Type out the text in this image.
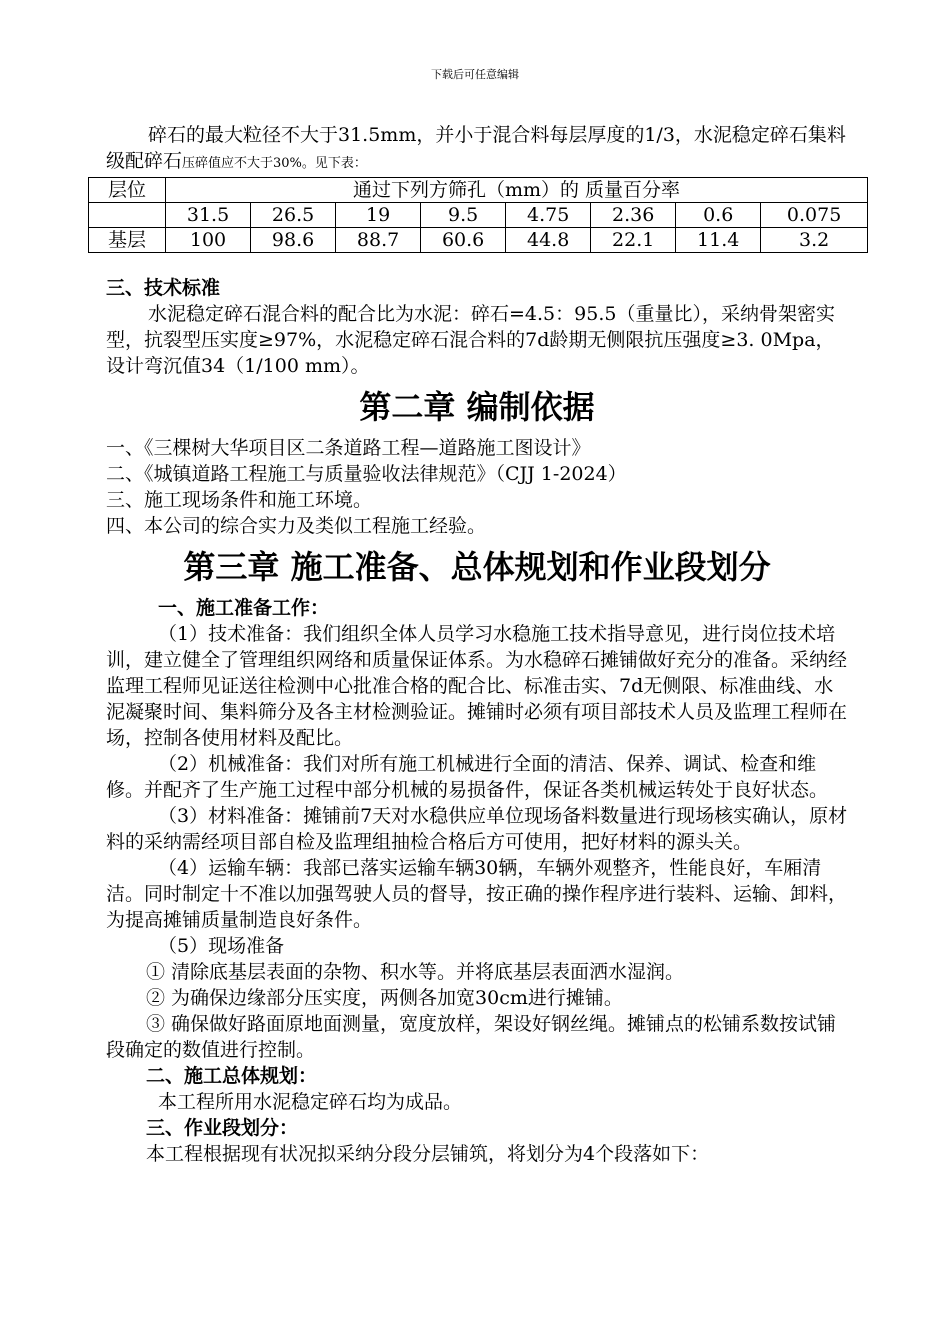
下载后可任意编辑

碎石的最大粒径不大于31.5mm，并小于混合料每层厚度的1/3，水泥稳定碎石集料级配碎石压碎值应不大于30%。见下表：

层位	通过下列方筛孔（mm）的 质量百分率							
	31.5	26.5	19	9.5	4.75	2.36	0.6	0.075
基层	100	98.6	88.7	60.6	44.8	22.1	11.4	3.2

三、技术标准

水泥稳定碎石混合料的配合比为水泥：碎石=4.5：95.5（重量比），采纳骨架密实型，抗裂型压实度≥97%，水泥稳定碎石混合料的7d龄期无侧限抗压强度≥3. 0Mpa，设计弯沉值34（1/100 mm）。

第二章 编制依据

一、《三棵树大华项目区二条道路工程—道路施工图设计》

二、《城镇道路工程施工与质量验收法律规范》（CJJ 1-2024）

三、施工现场条件和施工环境。

四、本公司的综合实力及类似工程施工经验。

第三章 施工准备、总体规划和作业段划分

一、施工准备工作：

（1）技术准备：我们组织全体人员学习水稳施工技术指导意见，进行岗位技术培训，建立健全了管理组织网络和质量保证体系。为水稳碎石摊铺做好充分的准备。采纳经监理工程师见证送往检测中心批准合格的配合比、标准击实、7d无侧限、标准曲线、水泥凝聚时间、集料筛分及各主材检测验证。摊铺时必须有项目部技术人员及监理工程师在场，控制各使用材料及配比。

（2）机械准备：我们对所有施工机械进行全面的清洁、保养、调试、检查和维修。并配齐了生产施工过程中部分机械的易损备件，保证各类机械运转处于良好状态。

（3）材料准备：摊铺前7天对水稳供应单位现场备料数量进行现场核实确认，原材料的采纳需经项目部自检及监理组抽检合格后方可使用，把好材料的源头关。

（4）运输车辆：我部已落实运输车辆30辆，车辆外观整齐，性能良好，车厢清洁。同时制定十不准以加强驾驶人员的督导，按正确的操作程序进行装料、运输、卸料，为提高摊铺质量制造良好条件。

（5）现场准备

① 清除底基层表面的杂物、积水等。并将底基层表面洒水湿润。

② 为确保边缘部分压实度，两侧各加宽30cm进行摊铺。

③ 确保做好路面原地面测量，宽度放样，架设好钢丝绳。摊铺点的松铺系数按试铺段确定的数值进行控制。

二、施工总体规划：

本工程所用水泥稳定碎石均为成品。

三、作业段划分：

本工程根据现有状况拟采纳分段分层铺筑，将划分为4个段落如下：
